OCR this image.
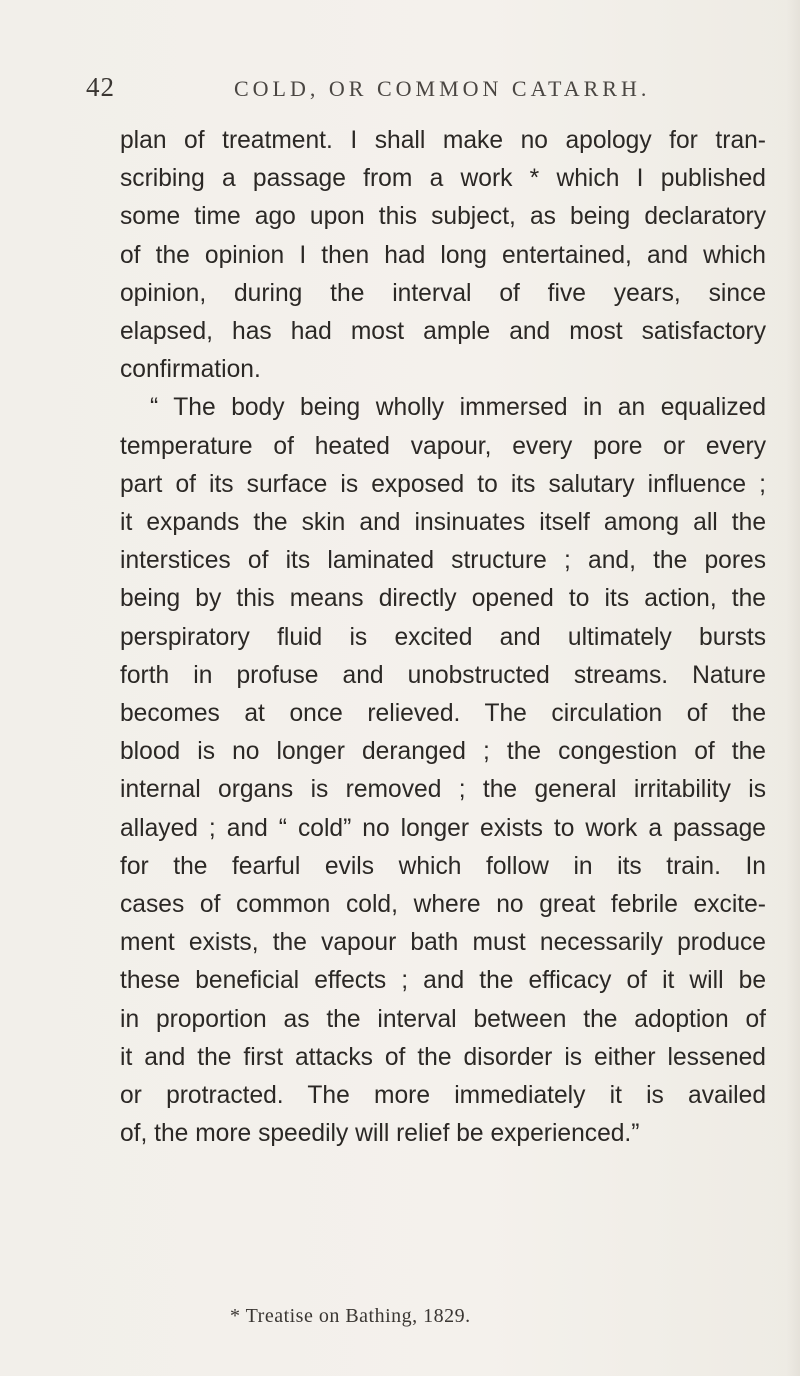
42	COLD, OR COMMON CATARRH.
plan of treatment. I shall make no apology for tran-
scribing a passage from a work * which I published
some time ago upon this subject, as being declaratory
of the opinion I then had long entertained, and which
opinion, during the interval of five years, since
elapsed, has had most ample and most satisfactory
confirmation.
“ The body being wholly immersed in an equalized
temperature of heated vapour, every pore or every
part of its surface is exposed to its salutary influence ;
it expands the skin and insinuates itself among all the
interstices of its laminated structure ; and, the pores
being by this means directly opened to its action, the
perspiratory fluid is excited and ultimately bursts
forth in profuse and unobstructed streams. Nature
becomes at once relieved. The circulation of the
blood is no longer deranged ; the congestion of the
internal organs is removed ; the general irritability is
allayed ; and “ cold” no longer exists to work a passage
for the fearful evils which follow in its train. In
cases of common cold, where no great febrile excite-
ment exists, the vapour bath must necessarily produce
these beneficial effects ; and the efficacy of it will be
in proportion as the interval between the adoption of
it and the first attacks of the disorder is either lessened
or protracted. The more immediately it is availed
of, the more speedily will relief be experienced.”
* Treatise on Bathing, 1829.
